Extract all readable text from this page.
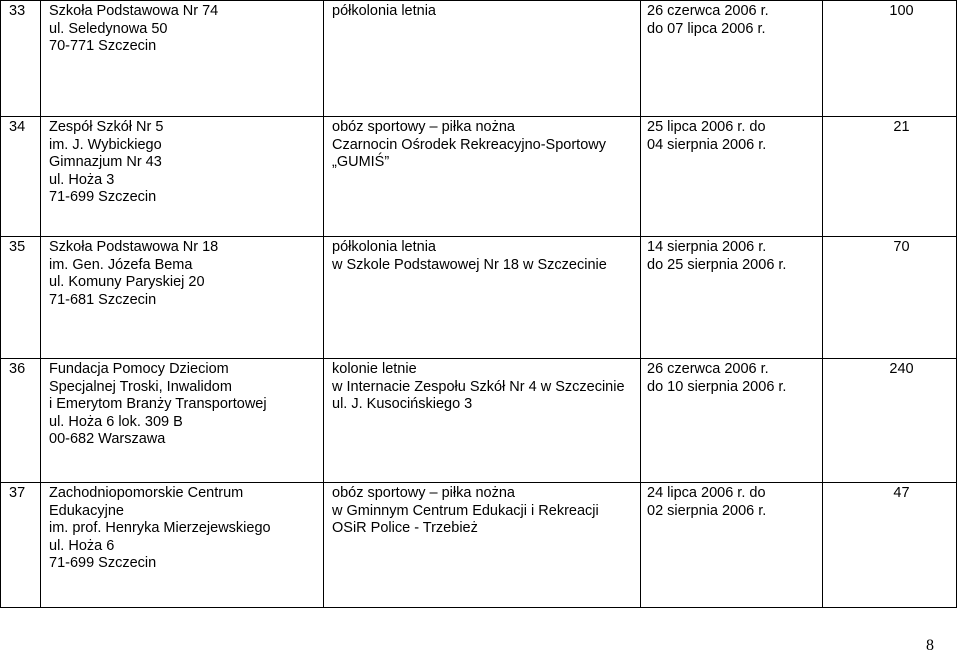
33	Szkoła Podstawowa Nr 74
ul. Seledynowa 50
70-771 Szczecin	półkolonia letnia	26 czerwca 2006 r.
do 07 lipca 2006 r.	100
34	Zespół Szkół Nr 5
im. J. Wybickiego
Gimnazjum Nr 43
ul. Hoża 3
71-699 Szczecin	obóz sportowy – piłka nożna
Czarnocin Ośrodek Rekreacyjno-Sportowy
„GUMIŚ”	25 lipca 2006 r. do
04 sierpnia 2006 r.	21
35	Szkoła Podstawowa Nr 18
im. Gen. Józefa Bema
ul. Komuny Paryskiej 20
71-681 Szczecin	półkolonia letnia
w Szkole Podstawowej Nr 18 w Szczecinie	14 sierpnia 2006 r.
do 25 sierpnia 2006 r.	70
36	Fundacja Pomocy Dzieciom
Specjalnej Troski, Inwalidom
i Emerytom Branży Transportowej
ul. Hoża 6 lok. 309 B
00-682 Warszawa	kolonie letnie
w Internacie Zespołu Szkół Nr 4 w Szczecinie
ul. J. Kusocińskiego 3	26 czerwca 2006 r.
do 10 sierpnia 2006 r.	240
37	Zachodniopomorskie Centrum
Edukacyjne
im. prof. Henryka Mierzejewskiego
ul. Hoża 6
71-699 Szczecin	obóz sportowy – piłka nożna
w Gminnym Centrum Edukacji i Rekreacji
OSiR Police - Trzebież	24 lipca 2006 r. do
02 sierpnia 2006 r.	47
8
